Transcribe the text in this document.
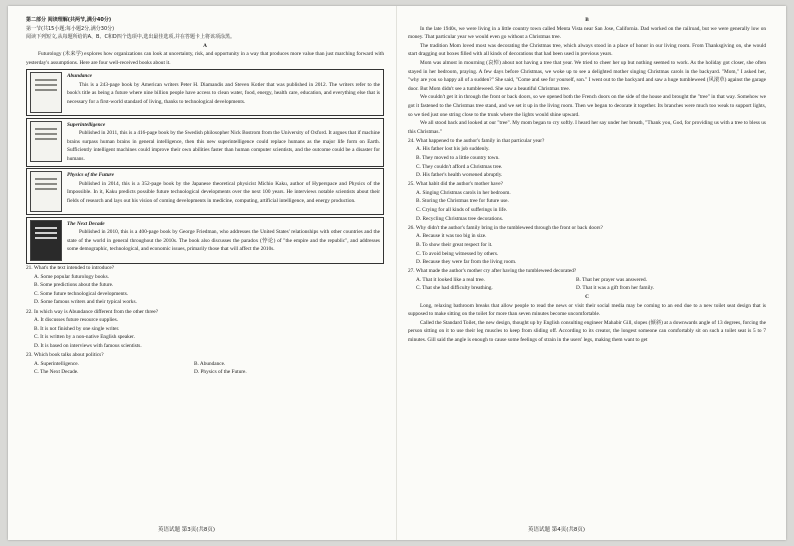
第二部分 阅读理解(共两节,满分40分)
第一节(共15小题;每小题2分,满分30分)
阅读下列短文,从每题所给的A、B、C和D四个选项中,选出最佳选项,并在答题卡上将该项涂黑。
A

Futurology (未来学) explores how organizations can look at uncertainty, risk, and opportunity in a way that produces more value than just marching forward with yesterday's assumptions. Here are four well-received books about it.

Abundance

This is a 243-page book by American writers Peter H. Diamandis and Steven Kotler that was published in 2012. The writers refer to the book's title as being a future where nine billion people have access to clean water, food, energy, health care, education, and everything else that is necessary for a first-world standard of living, thanks to technological developments.

Superintelligence

Published in 2011, this is a 416-page book by the Swedish philosopher Nick Bostrom from the University of Oxford. It argues that if machine brains surpass human brains in general intelligence, then this new superintelligence could replace humans as the major life form on Earth. Sufficiently intelligent machines could improve their own abilities faster than human computer scientists, and the outcome could be a disaster for humans.

Physics of the Future

Published in 2014, this is a 352-page book by the Japanese theoretical physicist Michio Kaku, author of Hyperspace and Physics of the Impossible. In it, Kaku predicts possible future technological developments over the next 100 years. He interviews notable scientists about their fields of research and lays out his vision of coming developments in medicine, computing, artificial intelligence, and energy production.

The Next Decade

Published in 2010, this is a 400-page book by George Friedman, who addresses the United States' relationships with other countries and the state of the world in general throughout the 2010s. The book also discusses the paradox (悖论) of "the empire and the republic", and addresses some demographic, technological, and economic issues, primarily those that will affect the 2010s.

21. What's the text intended to introduce?
A. Some popular futurology books.
B. Some predictions about the future.
C. Some future technological developments.
D. Some famous writers and their typical works.
22. In which way is Abundance different from the other three?
A. It discusses future resource supplies.
B. It is not finished by one single writer.
C. It is written by a non-native English speaker.
D. It is based on interviews with famous scientists.
23. Which book talks about politics?
A. Superintelligence.	B. Abundance.
C. The Next Decade.	D. Physics of the Future.
英语试题 第3页(共8页)
B

In the late 1940s, we were living in a little country town called Menta Vista near San Jose, California. Dad worked on the railroad, but we were generally low on money. That particular year we would even go without a Christmas tree.

The tradition Mom loved most was decorating the Christmas tree, which always stood in a place of honor in our living room. From Thanksgiving on, she would start dragging out boxes filled with all kinds of decorations that had been used in previous years.

Mom was almost in mourning (哀悼) about not having a tree that year. We tried to cheer her up but nothing seemed to work. As the holiday got closer, she often stayed in her bedroom, praying. A few days before Christmas, we woke up to see a delighted mother singing Christmas carols in the backyard. "Mom," I asked her, "why are you so happy all of a sudden?" She said, "Come and see for yourself, son." I went out to the backyard and saw a huge tumbleweed (风滚草) against the garage door. But Mom didn't see a tumbleweed. She saw a beautiful Christmas tree.

We couldn't get it in through the front or back doors, so we opened both the French doors on the side of the house and brought the "tree" in that way. Somehow we got it fastened to the Christmas tree stand, and we set it up in the living room. Then we began to decorate it together. Its branches were much too weak to support lights, so we tied just one string close to the trunk where the lights would shine upward.

We all stood back and looked at our "tree". My mom began to cry softly. I heard her say under her breath, "Thank you, God, for providing us with a tree to bless us this Christmas."

24. What happened to the author's family in that particular year?
A. His father lost his job suddenly.
B. They moved to a little country town.
C. They couldn't afford a Christmas tree.
D. His father's health worsened abruptly.
25. What habit did the author's mother have?
A. Singing Christmas carols in her bedroom.
B. Storing the Christmas tree for future use.
C. Crying for all kinds of sufferings in life.
D. Recycling Christmas tree decorations.
26. Why didn't the author's family bring in the tumbleweed through the front or back doors?
A. Because it was too big in size.
B. To show their great respect for it.
C. To avoid being witnessed by others.
D. Because they were far from the living room.
27. What made the author's mother cry after having the tumbleweed decorated?
A. That it looked like a real tree.	B. That her prayer was answered.
C. That she had difficulty breathing.	D. That it was a gift from her family.
C

Long, relaxing bathroom breaks that allow people to read the news or visit their social media may be coming to an end due to a new toilet seat design that is supposed to make sitting on the toilet for more than seven minutes become uncomfortable.

Called the Standard Toilet, the new design, thought up by English consulting engineer Mahabir Gill, slopes (倾斜) at a downwards angle of 13 degrees, forcing the person sitting on it to use their leg muscles to keep from sliding off. According to its creator, the longest someone can comfortably sit on such a toilet seat is 5 to 7 minutes. Gill said the angle is enough to cause some feelings of strain in the users' legs, making them want to get

英语试题 第4页(共8页)
